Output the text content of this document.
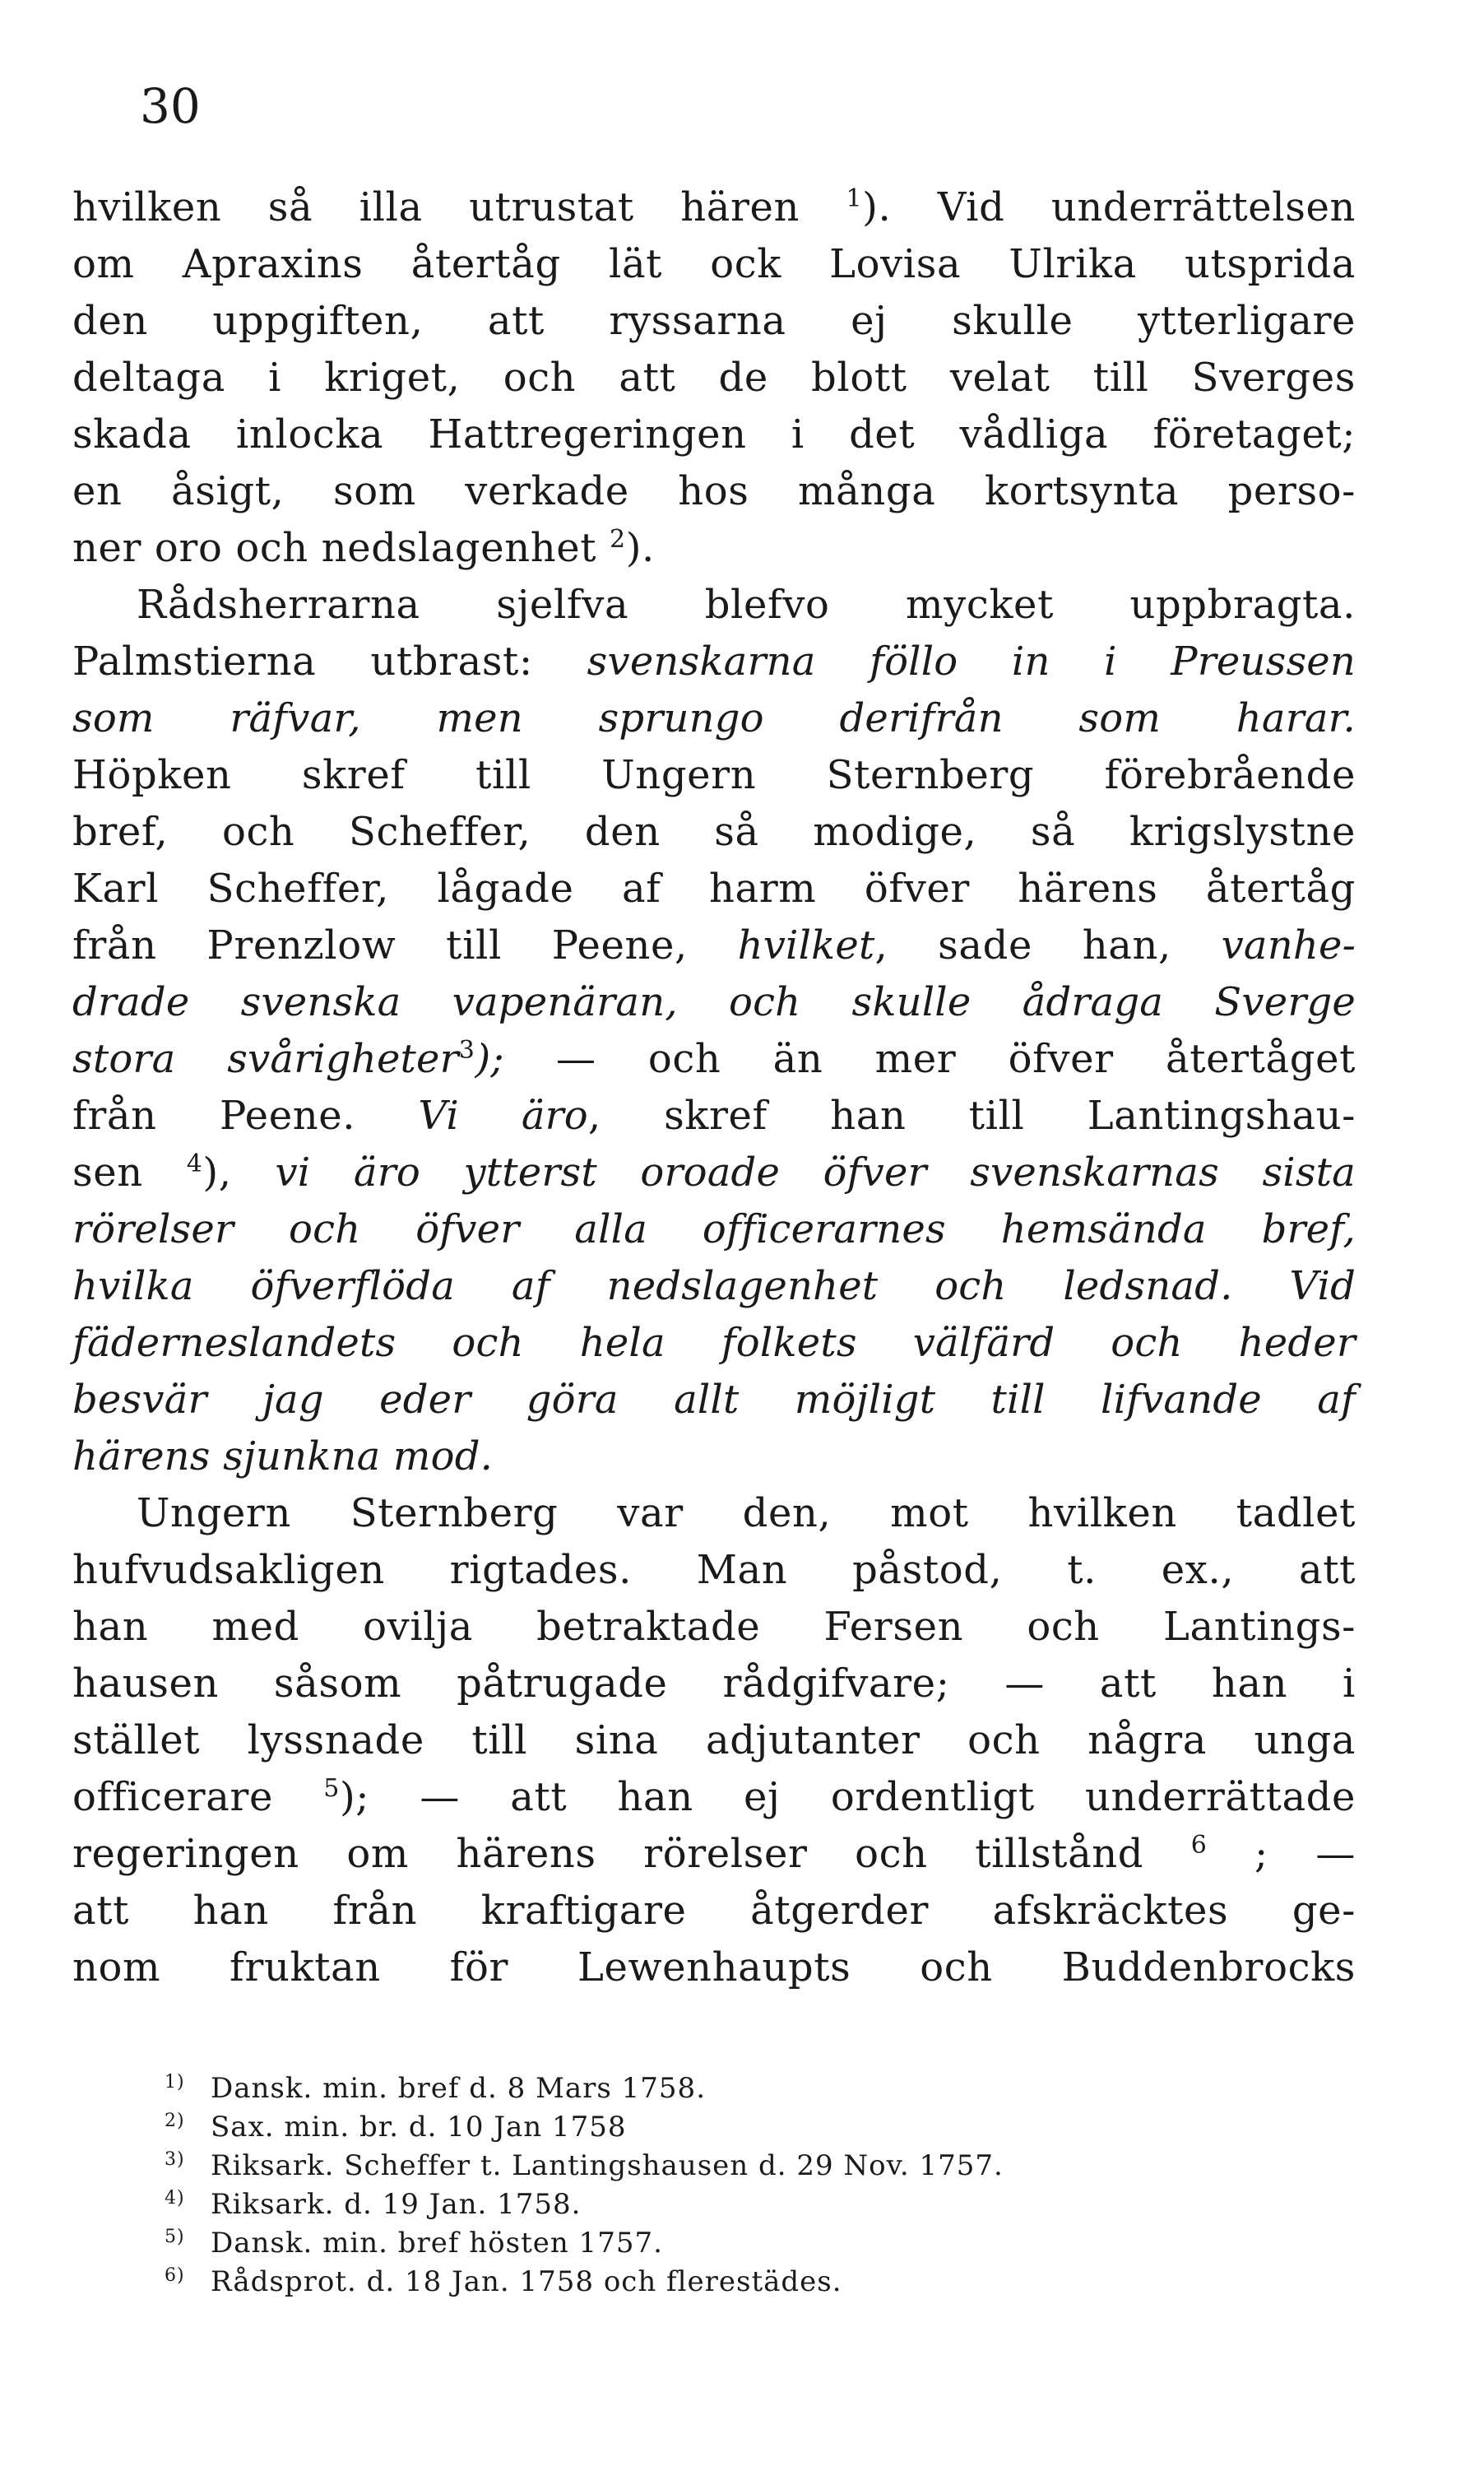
30
hvilken så illa utrustat hären $^1$). Vid underrättelsen
om Apraxins återtåg lät ock Lovisa Ulrika utsprida
den uppgiften, att ryssarna ej skulle ytterligare
deltaga i kriget, och att de blott velat till Sverges
skada inlocka Hattregeringen i det vådliga företaget;
en åsigt, som verkade hos många kortsynta perso-
ner oro och nedslagenhet $^2$).
Rådsherrarna sjelfva blefvo mycket uppbragta.
Palmstierna utbrast: svenskarna föllo in i Preussen
som räfvar, men sprungo derifrån som harar.
Höpken skref till Ungern Sternberg förebrående
bref, och Scheffer, den så modige, så krigslystne
Karl Scheffer, lågade af harm öfver härens återtåg
från Prenzlow till Peene, hvilket, sade han, vanhe-
drade svenska vapenäran, och skulle ådraga Sverge
stora svårigheter$^3$); — och än mer öfver återtåget
från Peene. Vi äro, skref han till Lantingshau-
sen $^4$), vi äro ytterst oroade öfver svenskarnas sista
rörelser och öfver alla officerarnes hemsända bref,
hvilka öfverflöda af nedslagenhet och ledsnad. Vid
fäderneslandets och hela folkets välfärd och heder
besvär jag eder göra allt möjligt till lifvande af
härens sjunkna mod.
Ungern Sternberg var den, mot hvilken tadlet
hufvudsakligen rigtades. Man påstod, t. ex., att
han med ovilja betraktade Fersen och Lantings-
hausen såsom påtrugade rådgifvare; — att han i
stället lyssnade till sina adjutanter och några unga
officerare $^5$); — att han ej ordentligt underrättade
regeringen om härens rörelser och tillstånd $^6$ ; —
att han från kraftigare åtgerder afskräcktes ge-
nom fruktan för Lewenhaupts och Buddenbrocks
1) Dansk. min. bref d. 8 Mars 1758.
2) Sax. min. br. d. 10 Jan 1758
3) Riksark. Scheffer t. Lantingshausen d. 29 Nov. 1757.
4) Riksark. d. 19 Jan. 1758.
5) Dansk. min. bref hösten 1757.
6) Rådsprot. d. 18 Jan. 1758 och flerestädes.
